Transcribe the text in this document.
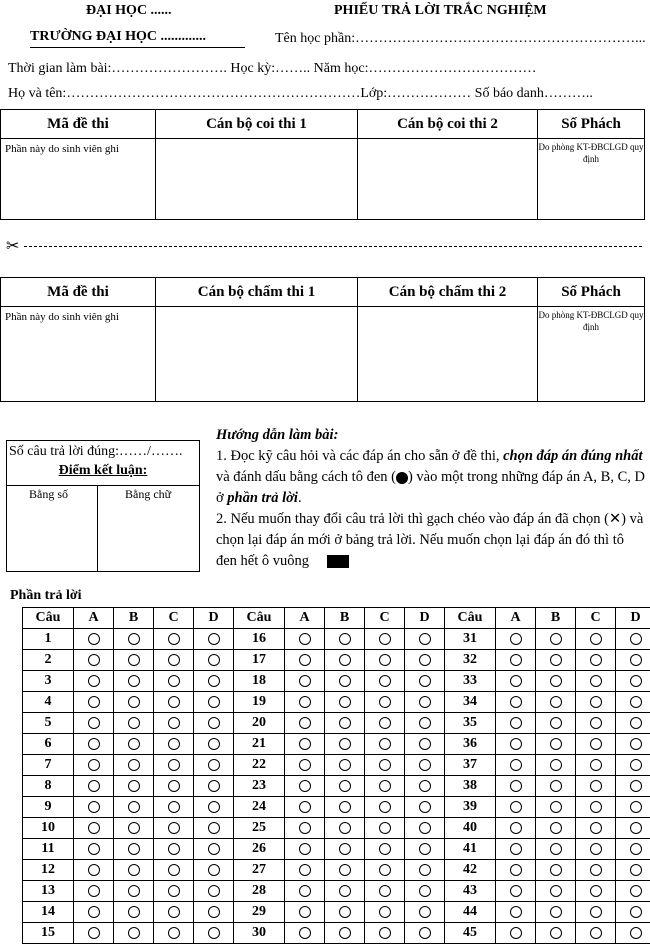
ĐẠI HỌC ......	PHIẾU TRẢ LỜI TRẮC NGHIỆM
TRƯỜNG ĐẠI HỌC .............	Tên học phần:……………………………………………………...
Thời gian làm bài:……………………. Học kỳ:…….. Năm học:………………………………
Họ và tên:………………………………………………………Lớp:……………… Số báo danh………..
Mã đề thi	Cán bộ coi thi 1	Cán bộ coi thi 2	Số Phách

Phần này do sinh viên ghi			Do phòng KT-ĐBCLGD quy định
✂
Mã đề thi	Cán bộ chấm thi 1	Cán bộ chấm thi 2	Số Phách

Phần này do sinh viên ghi			Do phòng KT-ĐBCLGD quy định
Số câu trả lời đúng:……/…….
Điểm kết luận:
Bằng số	Bằng chữ
Hướng dẫn làm bài:
1. Đọc kỹ câu hỏi và các đáp án cho sẵn ở đề thi, chọn đáp án đúng nhất và đánh dấu bằng cách tô đen ( ) vào một trong những đáp án A, B, C, D ở phần trả lời.
2. Nếu muốn thay đổi câu trả lời thì gạch chéo vào đáp án đã chọn (✕) và chọn lại đáp án mới ở bảng trả lời. Nếu muốn chọn lại đáp án đó thì tô đen hết ô vuông
Phần trả lời
Câu	A	B	C	D	Câu	A	B	C	D	Câu	A	B	C	D
1					16					31				
2					17					32				
3					18					33				
4					19					34				
5					20					35				
6					21					36				
7					22					37				
8					23					38				
9					24					39				
10					25					40				
11					26					41				
12					27					42				
13					28					43				
14					29					44				
15					30					45				
